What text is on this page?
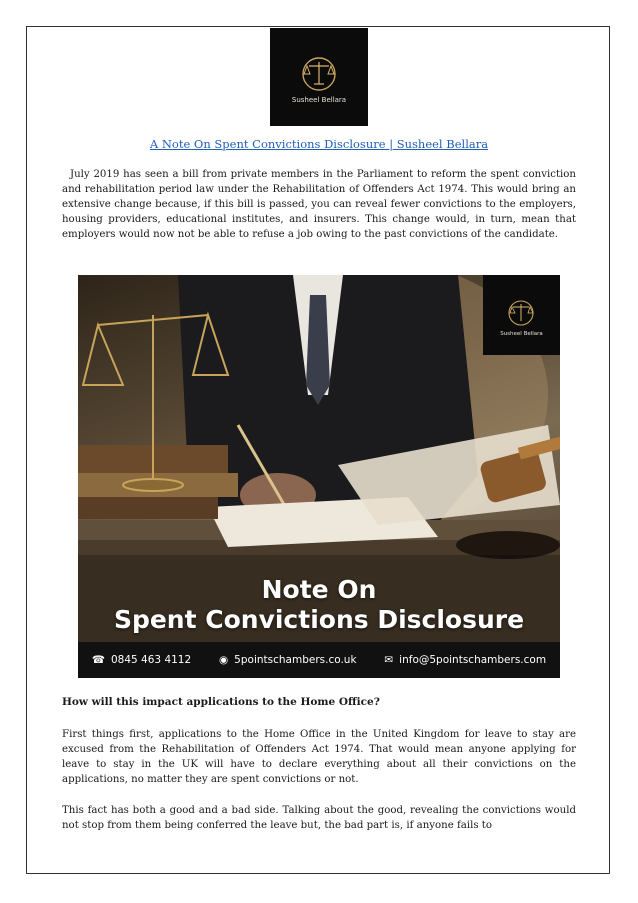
Susheel Bellara
A Note On Spent Convictions Disclosure | Susheel Bellara

July 2019 has seen a bill from private members in the Parliament to reform the spent conviction and rehabilitation period law under the Rehabilitation of Offenders Act 1974. This would bring an extensive change because, if this bill is passed, you can reveal fewer convictions to the employers, housing providers, educational institutes, and insurers. This change would, in turn, mean that employers would now not be able to refuse a job owing to the past convictions of the candidate.

Susheel Bellara
Note On
Spent Convictions Disclosure
☎ 0845 463 4112	◉ 5pointschambers.co.uk	✉ info@5pointschambers.com
How will this impact applications to the Home Office?

First things first, applications to the Home Office in the United Kingdom for leave to stay are excused from the Rehabilitation of Offenders Act 1974. That would mean anyone applying for leave to stay in the UK will have to declare everything about all their convictions on the applications, no matter they are spent convictions or not.

This fact has both a good and a bad side. Talking about the good, revealing the convictions would not stop from them being conferred the leave but, the bad part is, if anyone fails to
